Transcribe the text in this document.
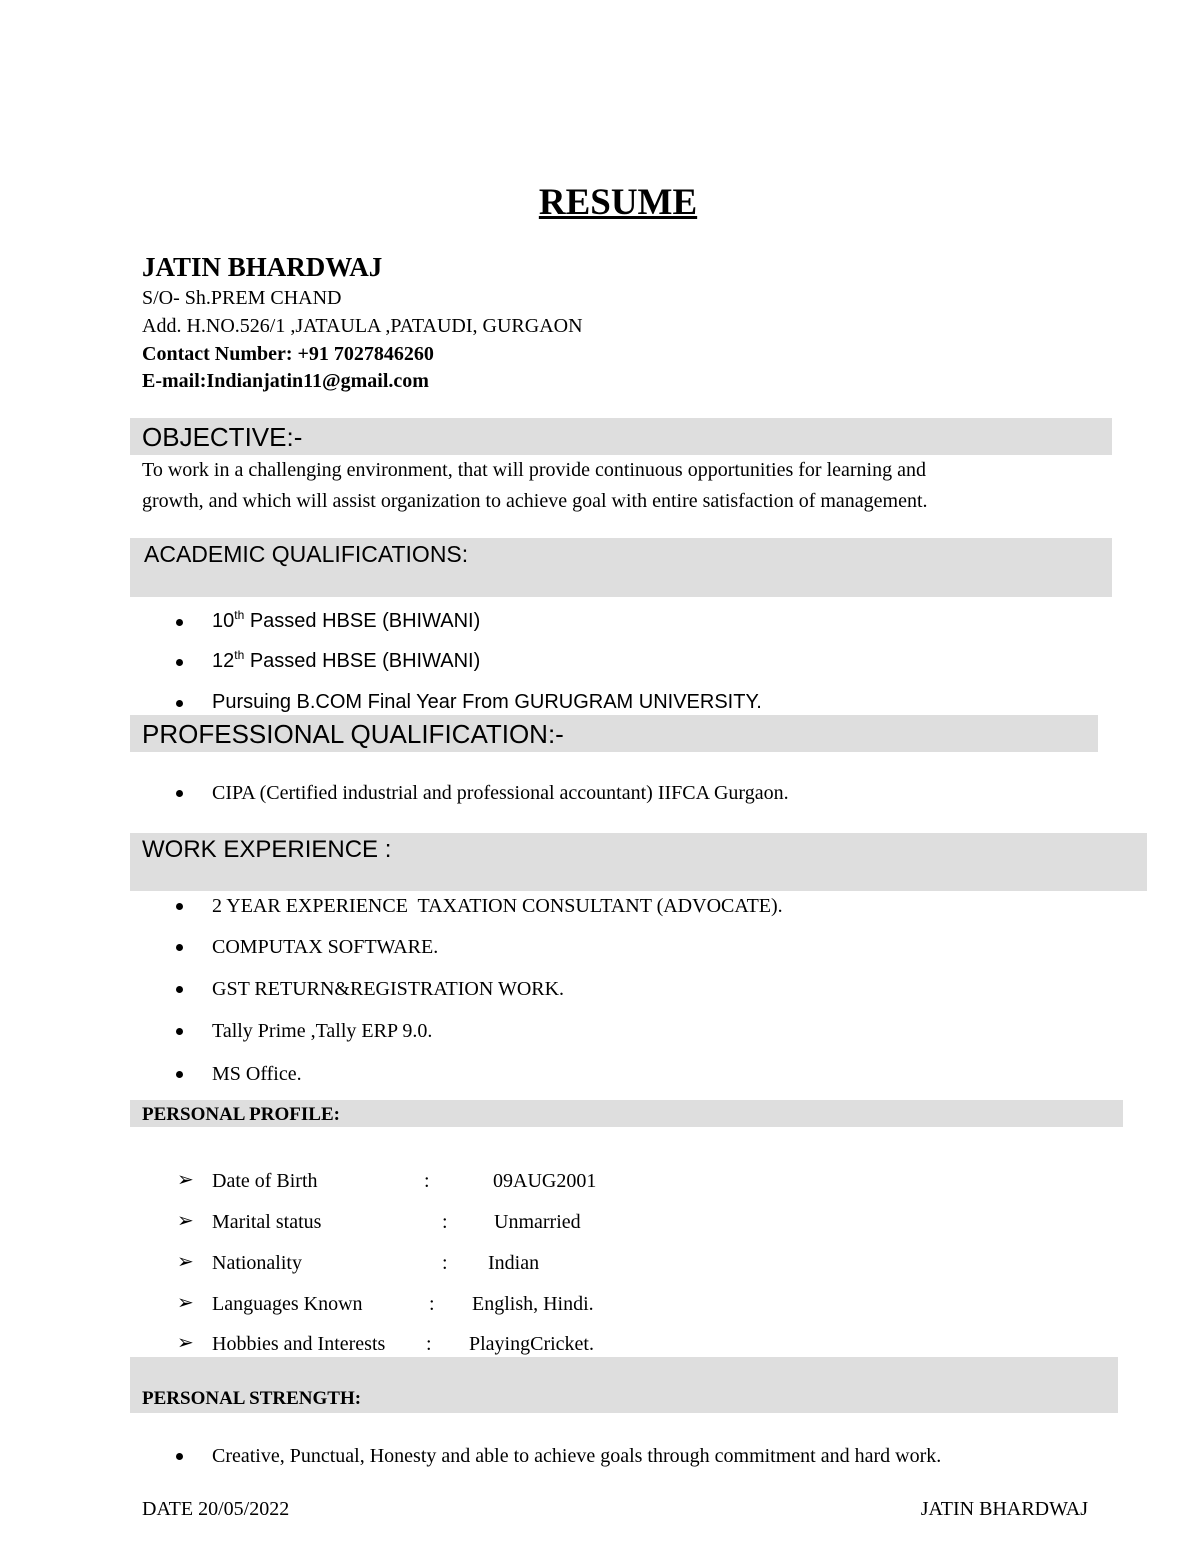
RESUME
JATIN BHARDWAJ
S/O- Sh.PREM CHAND
Add. H.NO.526/1 ,JATAULA ,PATAUDI, GURGAON
Contact Number: +91 7027846260
E-mail:Indianjatin11@gmail.com
OBJECTIVE:-
To work in a challenging environment, that will provide continuous opportunities for learning and
growth, and which will assist organization to achieve goal with entire satisfaction of management.
ACADEMIC QUALIFICATIONS:
10th Passed HBSE (BHIWANI)
12th Passed HBSE (BHIWANI)
Pursuing B.COM Final Year From GURUGRAM UNIVERSITY.
PROFESSIONAL QUALIFICATION:-
CIPA (Certified industrial and professional accountant) IIFCA Gurgaon.
WORK EXPERIENCE :
2 YEAR EXPERIENCE  TAXATION CONSULTANT (ADVOCATE).
COMPUTAX SOFTWARE.
GST RETURN&REGISTRATION WORK.
Tally Prime ,Tally ERP 9.0.
MS Office.
PERSONAL PROFILE:
➢ Date of Birth	:	09AUG2001
➢ Marital status	: Unmarried
➢ Nationality	: Indian
➢ Languages Known	: English, Hindi.
➢ Hobbies and Interests : PlayingCricket.
PERSONAL STRENGTH:
Creative, Punctual, Honesty and able to achieve goals through commitment and hard work.
DATE 20/05/2022	JATIN BHARDWAJ
